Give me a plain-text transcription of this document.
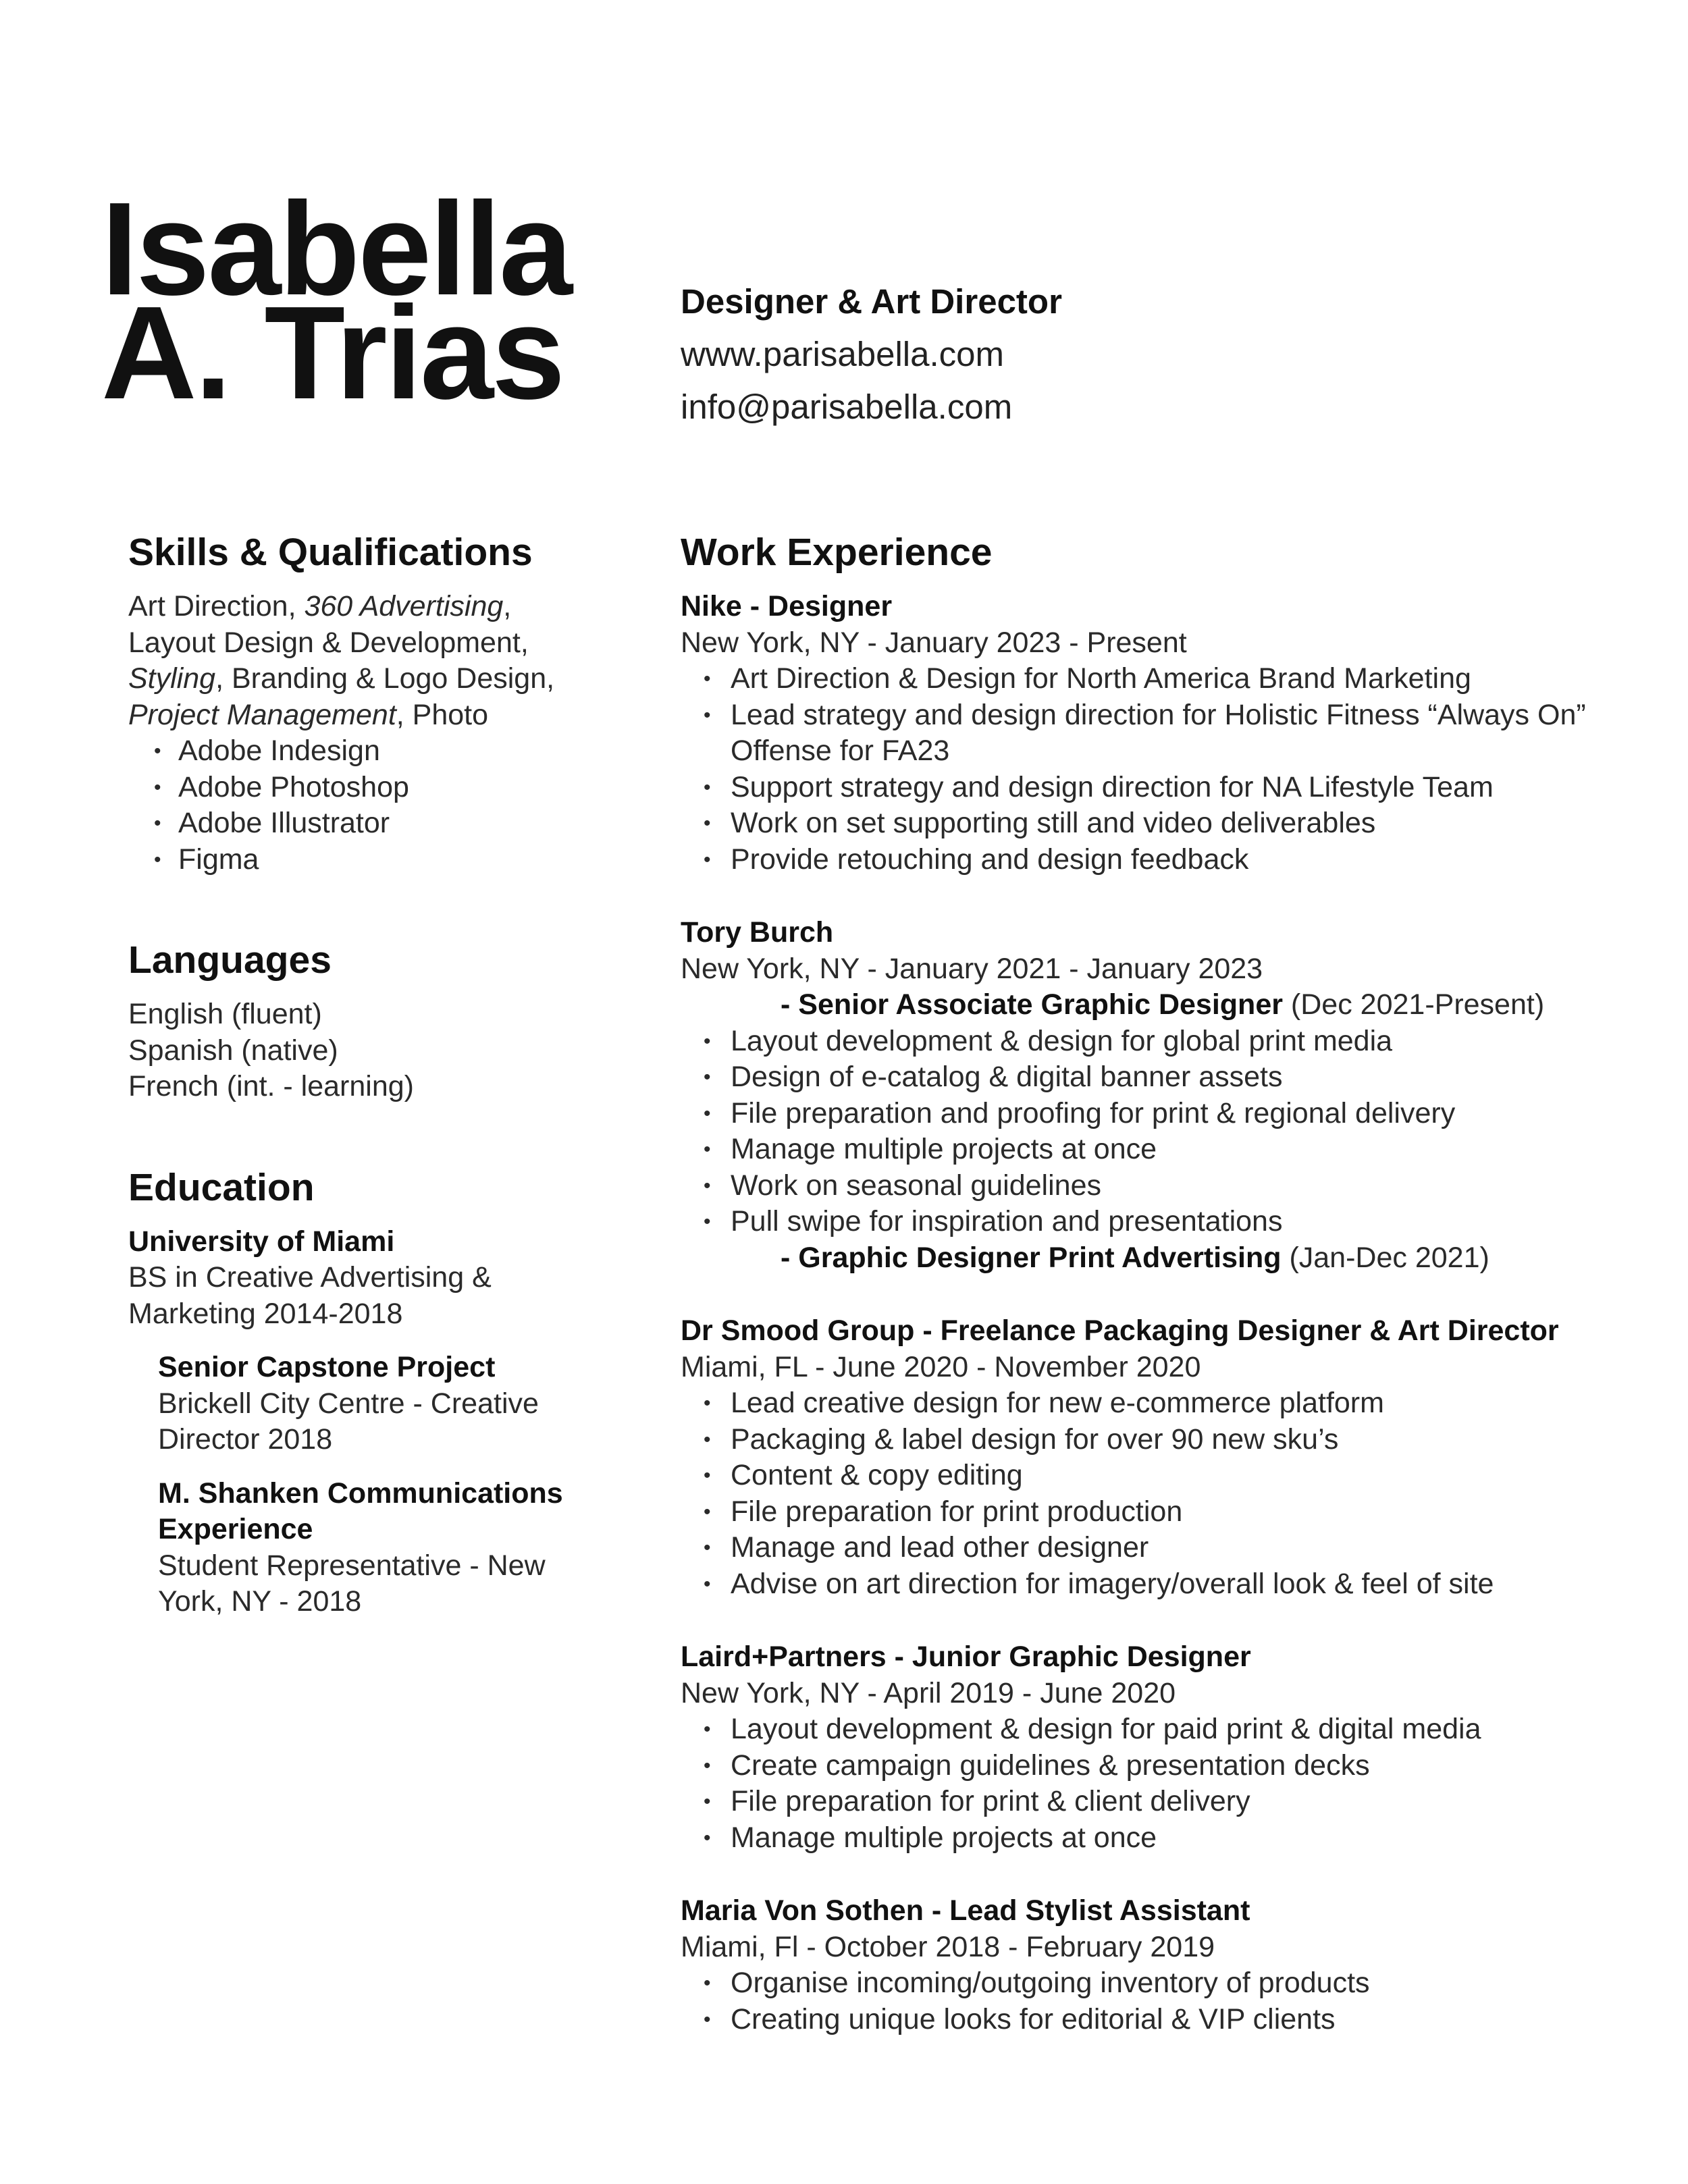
Isabella
A. Trias	Designer & Art Director
www.parisabella.com
info@parisabella.com
Skills & Qualifications
Art Direction, 360 Advertising,
Layout Design & Development,
Styling, Branding & Logo Design,
Project Management, Photo
• Adobe Indesign
• Adobe Photoshop
• Adobe Illustrator
• Figma
Languages
English (fluent)
Spanish (native)
French (int. - learning)
Education
University of Miami
BS in Creative Advertising &
Marketing 2014-2018
Senior Capstone Project
Brickell City Centre - Creative
Director 2018
M. Shanken Communications
Experience
Student Representative - New
York, NY - 2018
Work Experience
Nike - Designer
New York, NY - January 2023 - Present
• Art Direction & Design for North America Brand Marketing
• Lead strategy and design direction for Holistic Fitness “Always On” Offense for FA23
• Support strategy and design direction for NA Lifestyle Team
• Work on set supporting still and video deliverables
• Provide retouching and design feedback
Tory Burch
New York, NY - January 2021 - January 2023
- Senior Associate Graphic Designer (Dec 2021-Present)
• Layout development & design for global print media
• Design of e-catalog & digital banner assets
• File preparation and proofing for print & regional delivery
• Manage multiple projects at once
• Work on seasonal guidelines
• Pull swipe for inspiration and presentations
- Graphic Designer Print Advertising (Jan-Dec 2021)
Dr Smood Group - Freelance Packaging Designer & Art Director
Miami, FL - June 2020 - November 2020
• Lead creative design for new e-commerce platform
• Packaging & label design for over 90 new sku’s
• Content & copy editing
• File preparation for print production
• Manage and lead other designer
• Advise on art direction for imagery/overall look & feel of site
Laird+Partners - Junior Graphic Designer
New York, NY - April 2019 - June 2020
• Layout development & design for paid print & digital media
• Create campaign guidelines & presentation decks
• File preparation for print & client delivery
• Manage multiple projects at once
Maria Von Sothen - Lead Stylist Assistant
Miami, Fl - October 2018 - February 2019
• Organise incoming/outgoing inventory of products
• Creating unique looks for editorial & VIP clients
